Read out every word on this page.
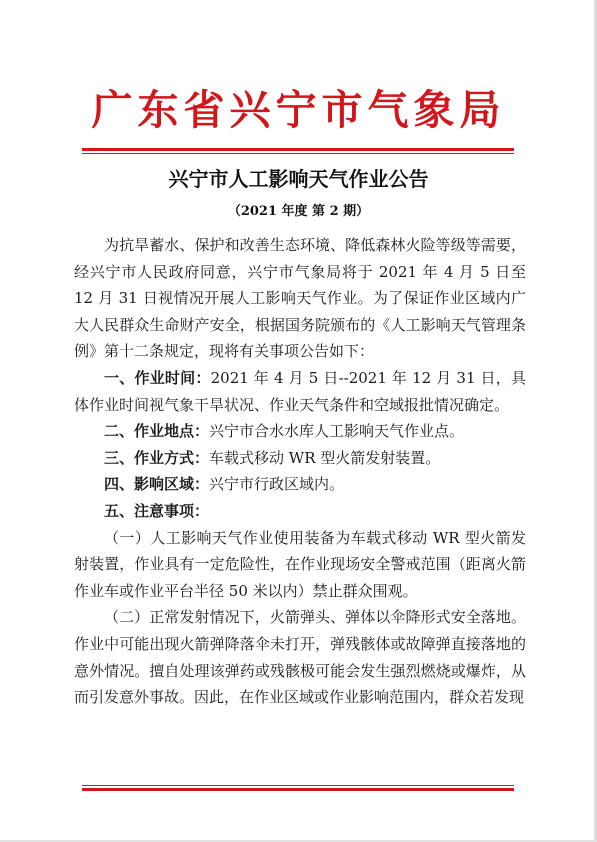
广东省兴宁市气象局
兴宁市人工影响天气作业公告
（2021 年度 第 2 期）

为抗旱蓄水、保护和改善生态环境、降低森林火险等级等需要，经兴宁市人民政府同意，兴宁市气象局将于 2021 年 4 月 5 日至 12 月 31 日视情况开展人工影响天气作业。为了保证作业区域内广大人民群众生命财产安全，根据国务院颁布的《人工影响天气管理条例》第十二条规定，现将有关事项公告如下：

一、作业时间：2021 年 4 月 5 日--2021 年 12 月 31 日，具体作业时间视气象干旱状况、作业天气条件和空域报批情况确定。

二、作业地点：兴宁市合水水库人工影响天气作业点。

三、作业方式：车载式移动 WR 型火箭发射装置。

四、影响区域：兴宁市行政区域内。

五、注意事项：

（一）人工影响天气作业使用装备为车载式移动 WR 型火箭发射装置，作业具有一定危险性，在作业现场安全警戒范围（距离火箭作业车或作业平台半径 50 米以内）禁止群众围观。

（二）正常发射情况下，火箭弹头、弹体以伞降形式安全落地。作业中可能出现火箭弹降落伞未打开，弹残骸体或故障弹直接落地的意外情况。擅自处理该弹药或残骸极可能会发生强烈燃烧或爆炸，从而引发意外事故。因此，在作业区域或作业影响范围内，群众若发现
